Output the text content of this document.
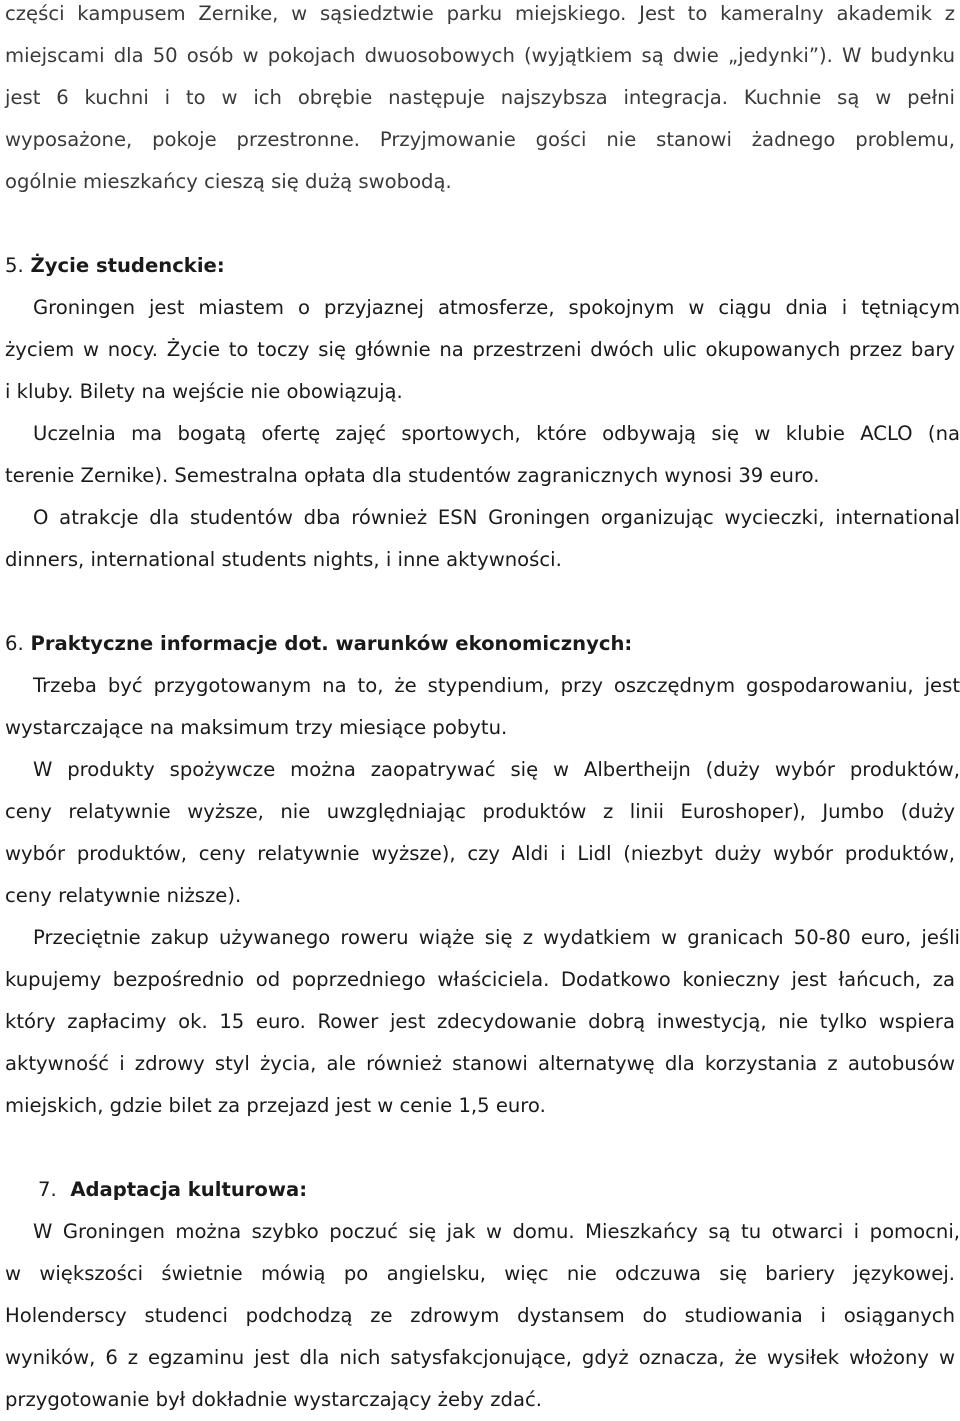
części kampusem Zernike, w sąsiedztwie parku miejskiego. Jest to kameralny akademik z
miejscami dla 50 osób w pokojach dwuosobowych (wyjątkiem są dwie „jedynki”). W budynku
jest 6 kuchni i to w ich obrębie następuje najszybsza integracja. Kuchnie są w pełni
wyposażone, pokoje przestronne. Przyjmowanie gości nie stanowi żadnego problemu,
ogólnie mieszkańcy cieszą się dużą swobodą.
5. Życie studenckie:
Groningen jest miastem o przyjaznej atmosferze, spokojnym w ciągu dnia i tętniącym
życiem w nocy. Życie to toczy się głównie na przestrzeni dwóch ulic okupowanych przez bary
i kluby. Bilety na wejście nie obowiązują.
Uczelnia ma bogatą ofertę zajęć sportowych, które odbywają się w klubie ACLO (na
terenie Zernike). Semestralna opłata dla studentów zagranicznych wynosi 39 euro.
O atrakcje dla studentów dba również ESN Groningen organizując wycieczki, international
dinners, international students nights, i inne aktywności.
6. Praktyczne informacje dot. warunków ekonomicznych:
Trzeba być przygotowanym na to, że stypendium, przy oszczędnym gospodarowaniu, jest
wystarczające na maksimum trzy miesiące pobytu.
W produkty spożywcze można zaopatrywać się w Albertheijn (duży wybór produktów,
ceny relatywnie wyższe, nie uwzględniając produktów z linii Euroshoper), Jumbo (duży
wybór produktów, ceny relatywnie wyższe), czy Aldi i Lidl (niezbyt duży wybór produktów,
ceny relatywnie niższe).
Przeciętnie zakup używanego roweru wiąże się z wydatkiem w granicach 50-80 euro, jeśli
kupujemy bezpośrednio od poprzedniego właściciela. Dodatkowo konieczny jest łańcuch, za
który zapłacimy ok. 15 euro. Rower jest zdecydowanie dobrą inwestycją, nie tylko wspiera
aktywność i zdrowy styl życia, ale również stanowi alternatywę dla korzystania z autobusów
miejskich, gdzie bilet za przejazd jest w cenie 1,5 euro.
7. Adaptacja kulturowa:
W Groningen można szybko poczuć się jak w domu. Mieszkańcy są tu otwarci i pomocni,
w większości świetnie mówią po angielsku, więc nie odczuwa się bariery językowej.
Holenderscy studenci podchodzą ze zdrowym dystansem do studiowania i osiąganych
wyników, 6 z egzaminu jest dla nich satysfakcjonujące, gdyż oznacza, że wysiłek włożony w
przygotowanie był dokładnie wystarczający żeby zdać.
